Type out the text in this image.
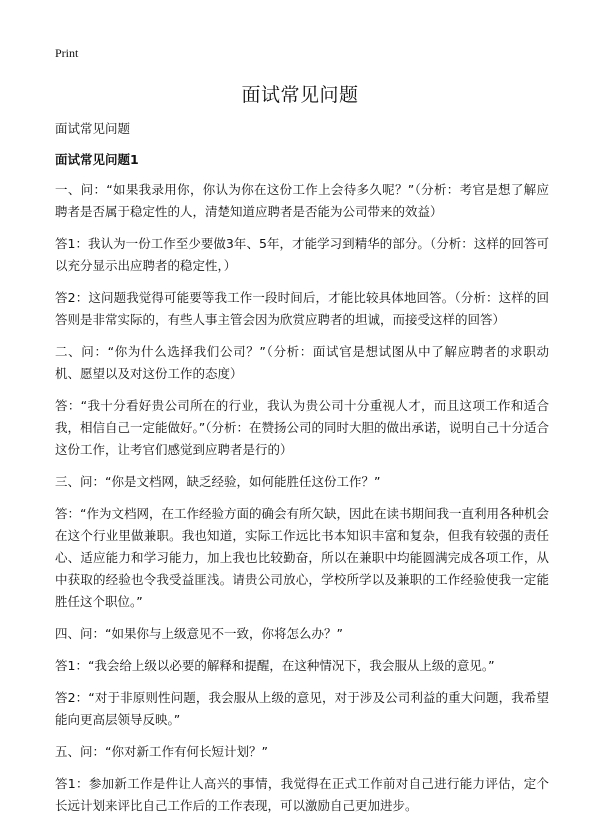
Print
面试常见问题

面试常见问题

面试常见问题1

一、问：“如果我录用你，你认为你在这份工作上会待多久呢？”（分析：考官是想了解应聘者是否属于稳定性的人，清楚知道应聘者是否能为公司带来的效益）

答1：我认为一份工作至少要做3年、5年，才能学习到精华的部分。（分析：这样的回答可以充分显示出应聘者的稳定性，）

答2：这问题我觉得可能要等我工作一段时间后，才能比较具体地回答。（分析：这样的回答则是非常实际的，有些人事主管会因为欣赏应聘者的坦诚，而接受这样的回答）

二、问：“你为什么选择我们公司？”（分析：面试官是想试图从中了解应聘者的求职动机、愿望以及对这份工作的态度）

答：“我十分看好贵公司所在的行业，我认为贵公司十分重视人才，而且这项工作和适合我，相信自己一定能做好。”（分析：在赞扬公司的同时大胆的做出承诺，说明自己十分适合这份工作，让考官们感觉到应聘者是行的）

三、问：“你是文档网，缺乏经验，如何能胜任这份工作？”

答：“作为文档网，在工作经验方面的确会有所欠缺，因此在读书期间我一直利用各种机会在这个行业里做兼职。我也知道，实际工作远比书本知识丰富和复杂，但我有较强的责任心、适应能力和学习能力，加上我也比较勤奋，所以在兼职中均能圆满完成各项工作，从中获取的经验也令我受益匪浅。请贵公司放心，学校所学以及兼职的工作经验使我一定能胜任这个职位。”

四、问：“如果你与上级意见不一致，你将怎么办？”

答1：“我会给上级以必要的解释和提醒，在这种情况下，我会服从上级的意见。”

答2：“对于非原则性问题，我会服从上级的意见，对于涉及公司利益的重大问题，我希望能向更高层领导反映。”

五、问：“你对新工作有何长短计划？”

答1：参加新工作是件让人高兴的事情，我觉得在正式工作前对自己进行能力评估，定个长远计划来评比自己工作后的工作表现，可以激励自己更加进步。
